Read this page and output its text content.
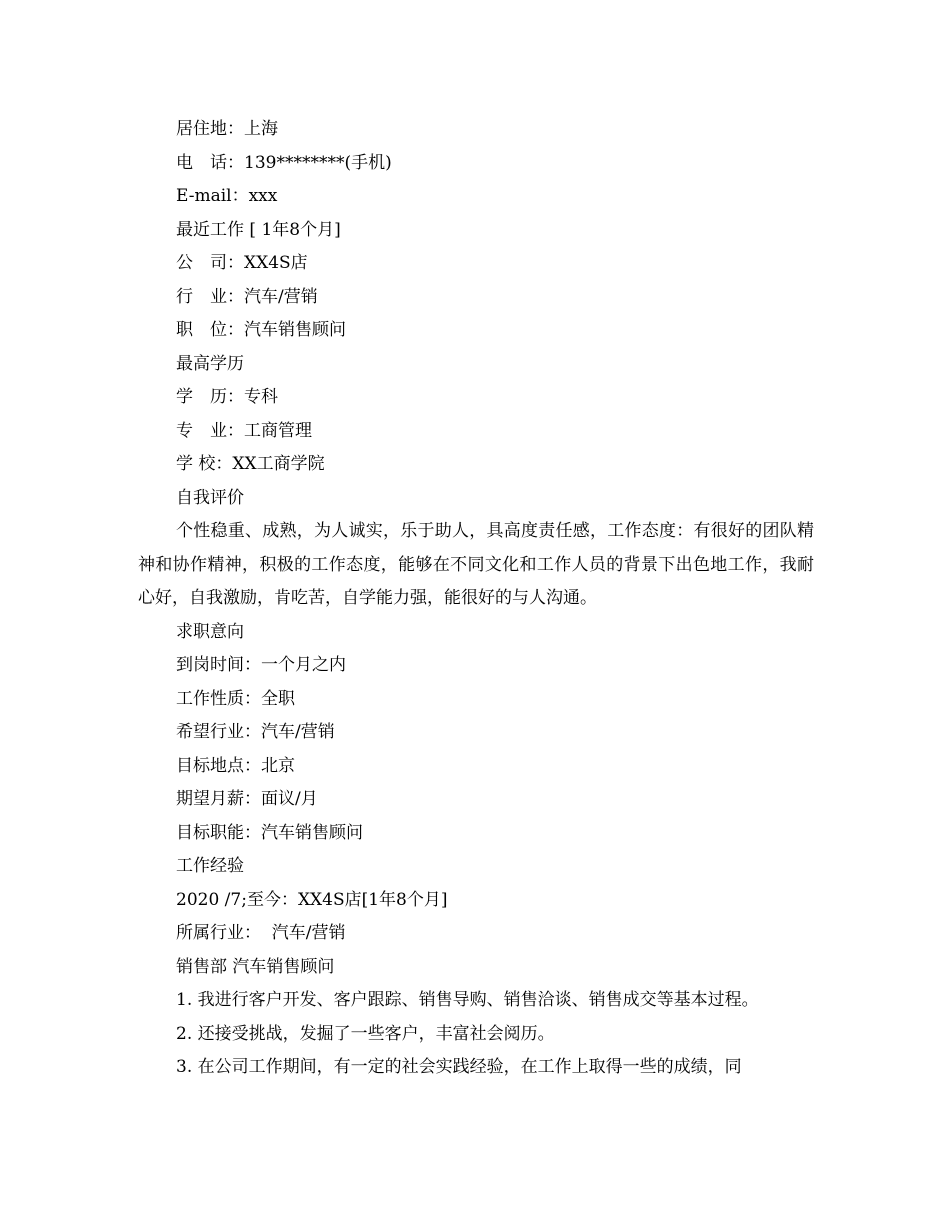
居住地：上海
电　话：139********(手机)
E-mail：xxx
最近工作 [ 1年8个月]
公　司：XX4S店
行　业：汽车/营销
职　位：汽车销售顾问
最高学历
学　历：专科
专　业：工商管理
学 校：XX工商学院
自我评价

个性稳重、成熟，为人诚实，乐于助人，具高度责任感，工作态度：有很好的团队精神和协作精神，积极的工作态度，能够在不同文化和工作人员的背景下出色地工作，我耐心好，自我激励，肯吃苦，自学能力强，能很好的与人沟通。

求职意向
到岗时间：一个月之内
工作性质：全职
希望行业：汽车/营销
目标地点：北京
期望月薪：面议/月
目标职能：汽车销售顾问
工作经验
2020 /7;至今：XX4S店[1年8个月]
所属行业：  汽车/营销
销售部 汽车销售顾问
1. 我进行客户开发、客户跟踪、销售导购、销售洽谈、销售成交等基本过程。
2. 还接受挑战，发掘了一些客户，丰富社会阅历。
3. 在公司工作期间，有一定的社会实践经验，在工作上取得一些的成绩，同
